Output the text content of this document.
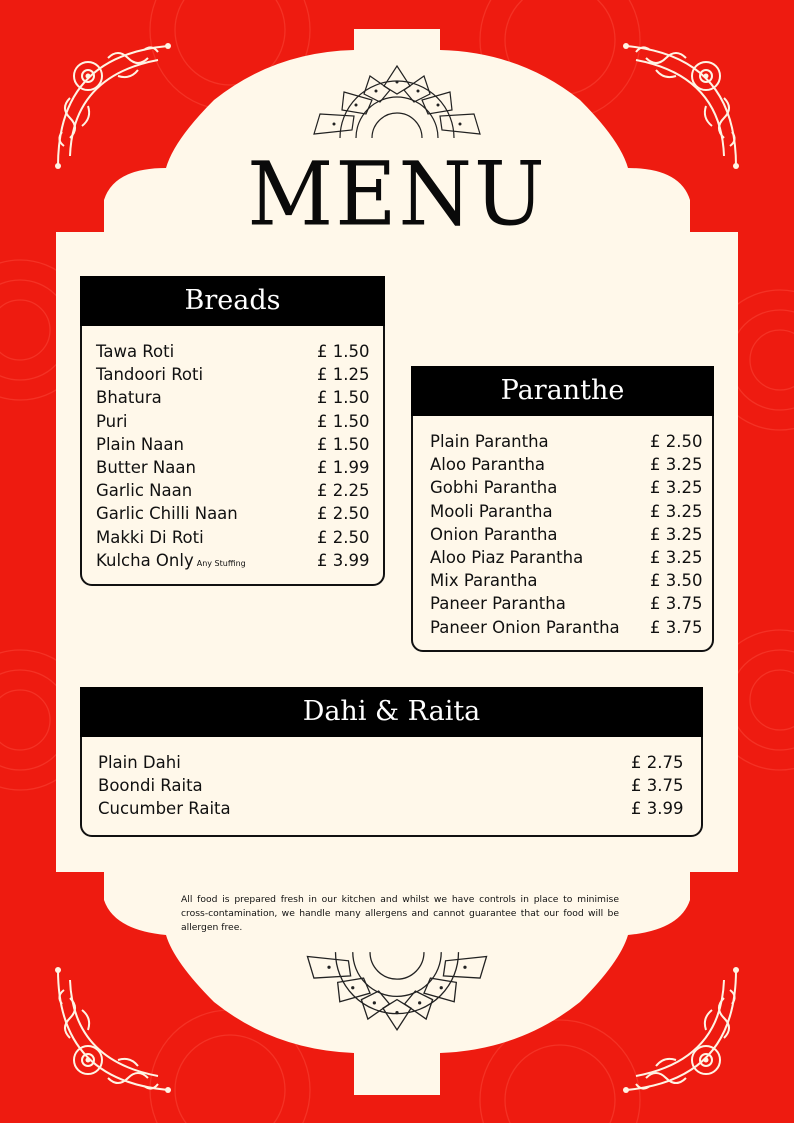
MENU
Breads
Tawa Roti	£ 1.50
Tandoori Roti	£ 1.25
Bhatura	£ 1.50
Puri	£ 1.50
Plain Naan	£ 1.50
Butter Naan	£ 1.99
Garlic Naan	£ 2.25
Garlic Chilli Naan	£ 2.50
Makki Di Roti	£ 2.50
Kulcha Only Any Stuffing	£ 3.99
Paranthe
Plain Parantha	£ 2.50
Aloo Parantha	£ 3.25
Gobhi Parantha	£ 3.25
Mooli Parantha	£ 3.25
Onion Parantha	£ 3.25
Aloo Piaz Parantha	£ 3.25
Mix Parantha	£ 3.50
Paneer Parantha	£ 3.75
Paneer Onion Parantha £ 3.75
Dahi & Raita
Plain Dahi	£ 2.75
Boondi Raita	£ 3.75
Cucumber Raita	£ 3.99
All food is prepared fresh in our kitchen and whilst we have controls in place to minimise cross-contamination, we handle many allergens and cannot guarantee that our food will be allergen free.
